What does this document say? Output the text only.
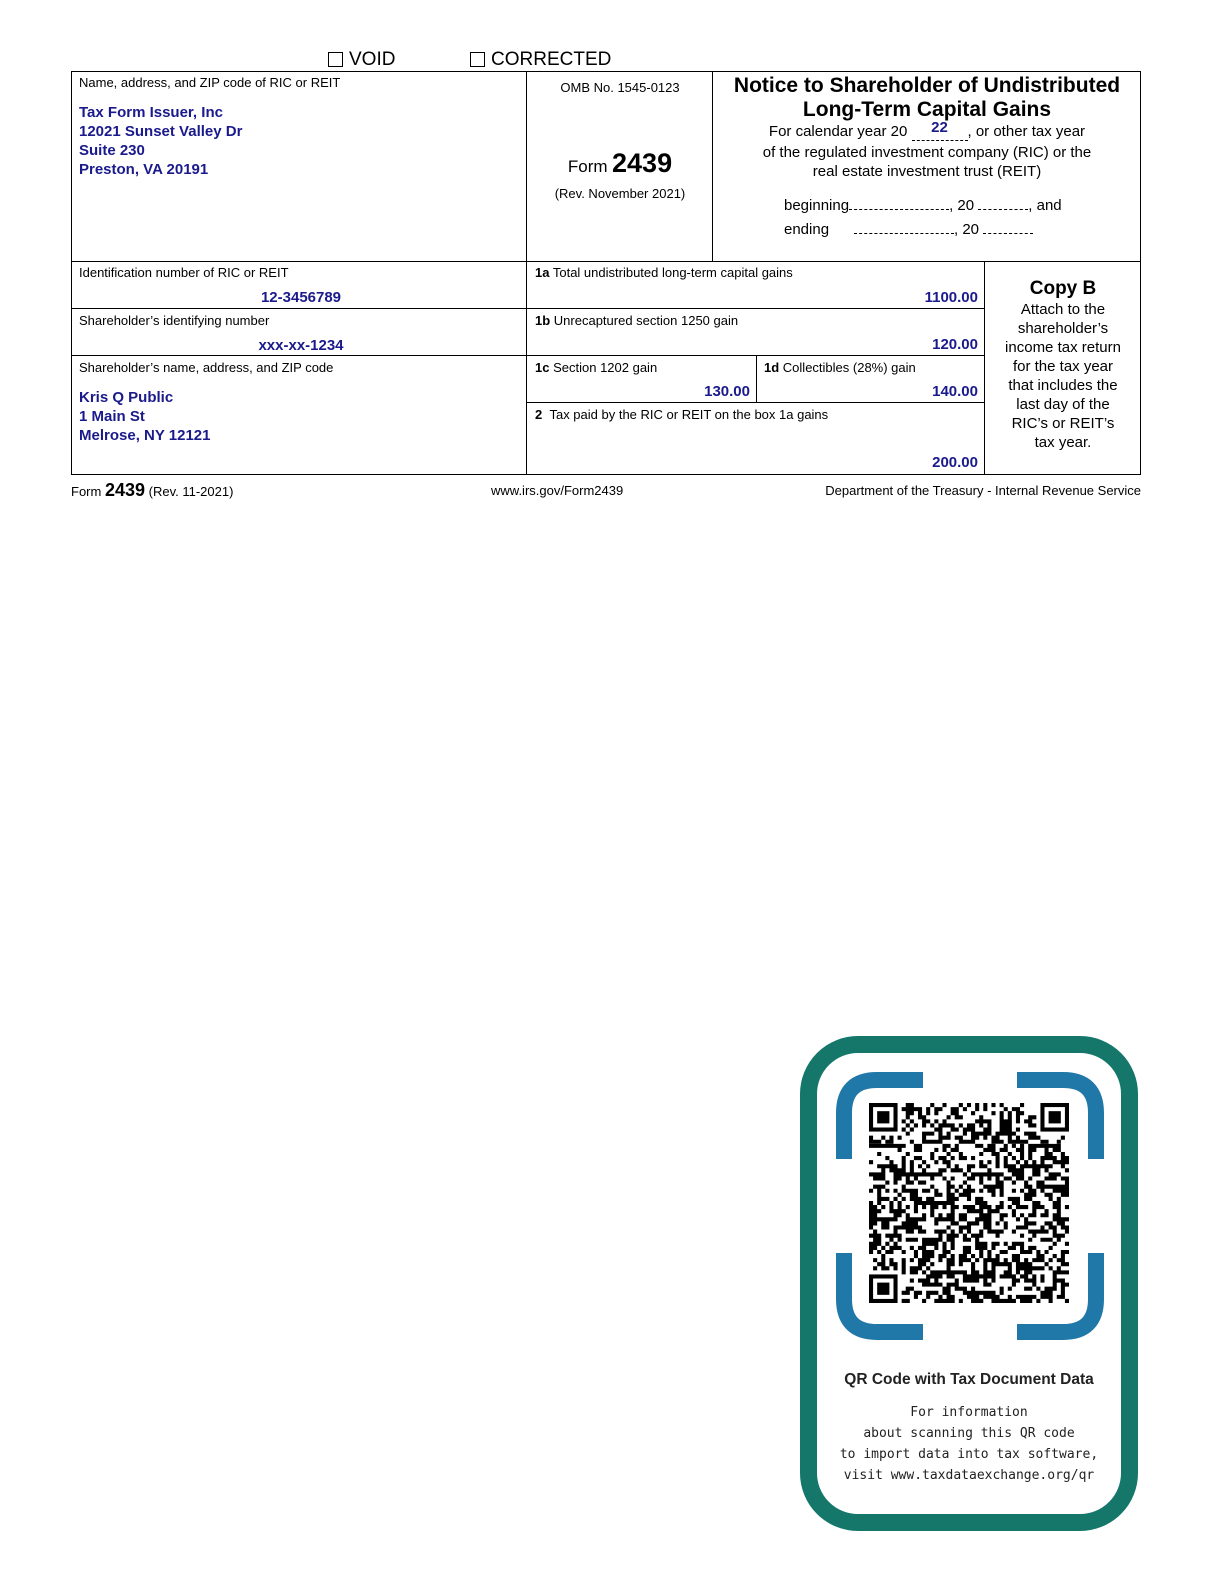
VOID	CORRECTED
Name, address, and ZIP code of RIC or REIT
Tax Form Issuer, Inc
12021 Sunset Valley Dr
Suite 230
Preston, VA 20191
OMB No. 1545-0123
Form 2439
(Rev. November 2021)
Notice to Shareholder of Undistributed
Long-Term Capital Gains
For calendar year 20 22 , or other tax year
of the regulated investment company (RIC) or the
real estate investment trust (REIT)
beginning	, 20	, and
ending	, 20
Identification number of RIC or REIT
12-3456789
Shareholder’s identifying number
xxx-xx-1234
Shareholder’s name, address, and ZIP code
Kris Q Public
1 Main St
Melrose, NY 12121
1a Total undistributed long-term capital gains
1100.00
1b Unrecaptured section 1250 gain
120.00
1c Section 1202 gain
130.00
1d Collectibles (28%) gain
140.00
2 Tax paid by the RIC or REIT on the box 1a gains
200.00
Copy B
Attach to the
shareholder’s
income tax return
for the tax year
that includes the
last day of the
RIC’s or REIT’s
tax year.
Form 2439 (Rev. 11-2021)	www.irs.gov/Form2439	Department of the Treasury - Internal Revenue Service
QR Code with Tax Document Data
For information
about scanning this QR code
to import data into tax software,
visit www.taxdataexchange.org/qr
